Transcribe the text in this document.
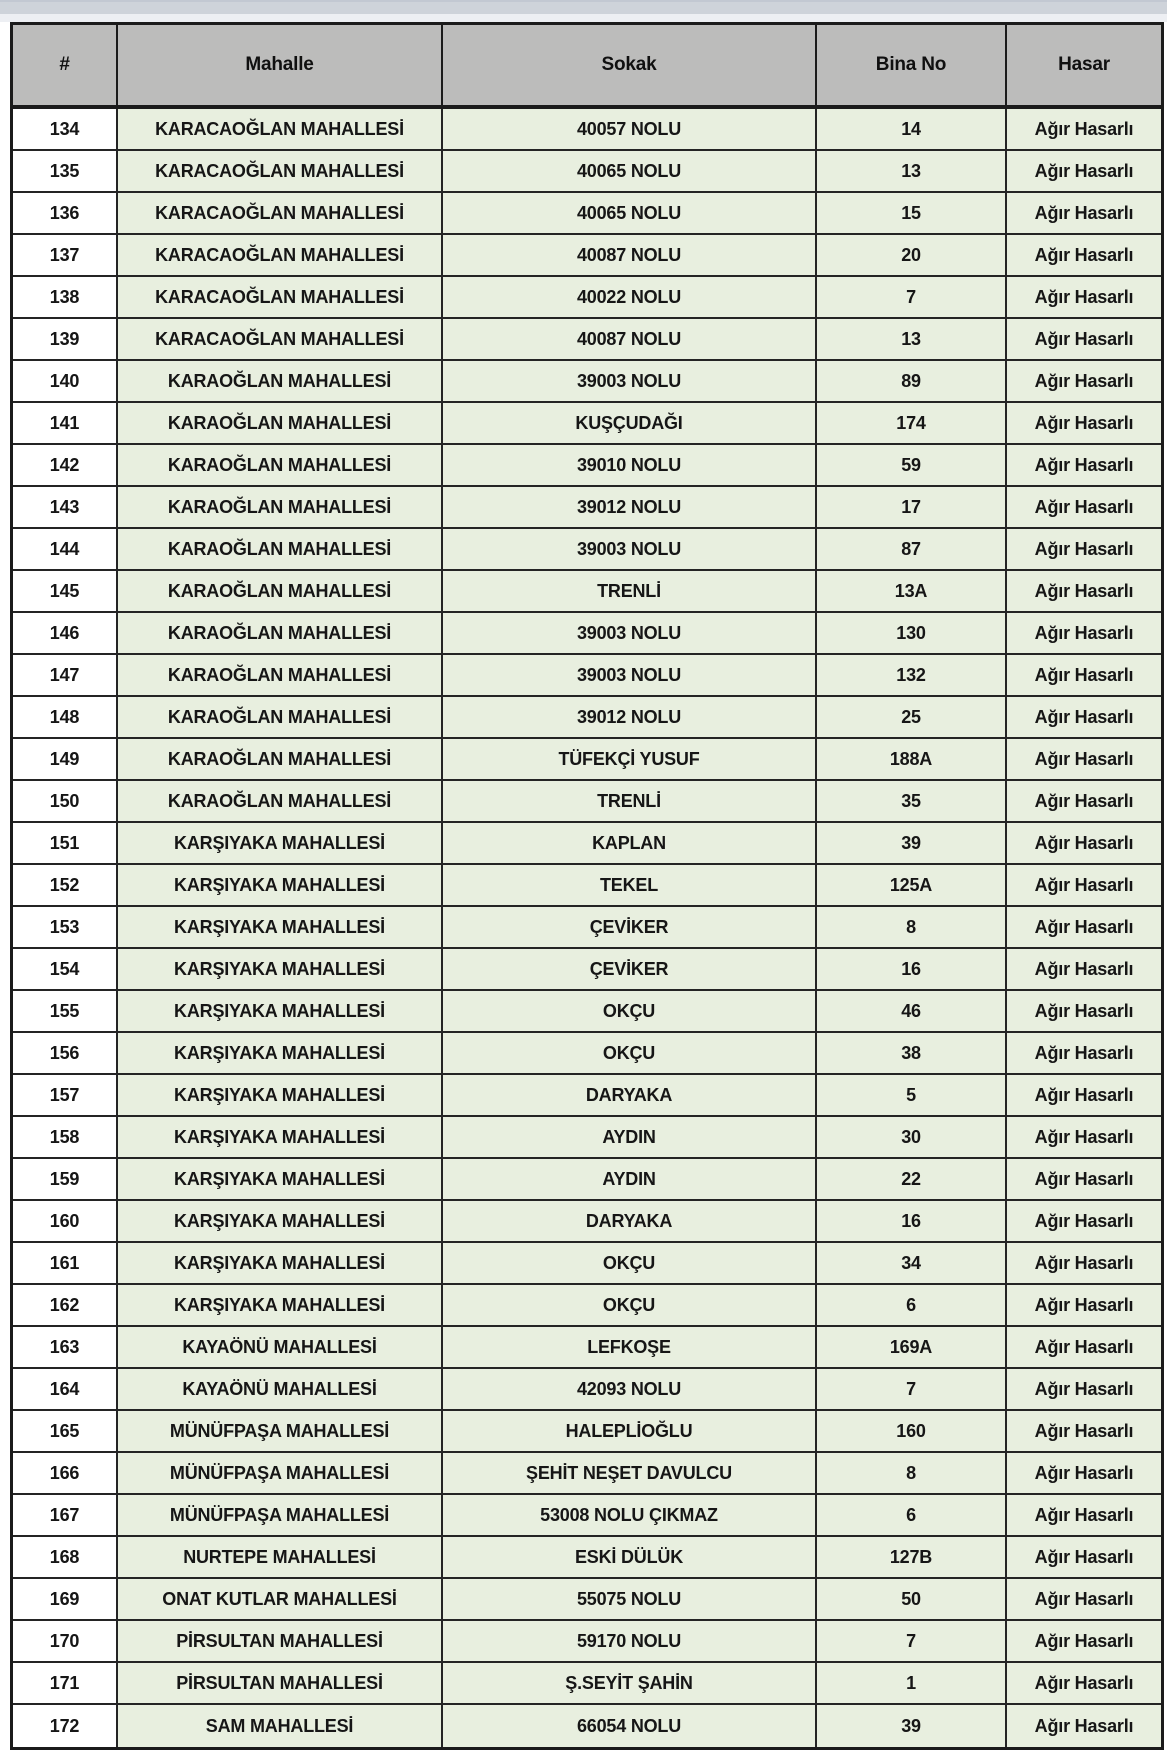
#	Mahalle	Sokak	Bina No	Hasar
134	KARACAOĞLAN MAHALLESİ	40057 NOLU	14	Ağır Hasarlı
135	KARACAOĞLAN MAHALLESİ	40065 NOLU	13	Ağır Hasarlı
136	KARACAOĞLAN MAHALLESİ	40065 NOLU	15	Ağır Hasarlı
137	KARACAOĞLAN MAHALLESİ	40087 NOLU	20	Ağır Hasarlı
138	KARACAOĞLAN MAHALLESİ	40022 NOLU	7	Ağır Hasarlı
139	KARACAOĞLAN MAHALLESİ	40087 NOLU	13	Ağır Hasarlı
140	KARAOĞLAN MAHALLESİ	39003 NOLU	89	Ağır Hasarlı
141	KARAOĞLAN MAHALLESİ	KUŞÇUDAĞI	174	Ağır Hasarlı
142	KARAOĞLAN MAHALLESİ	39010 NOLU	59	Ağır Hasarlı
143	KARAOĞLAN MAHALLESİ	39012 NOLU	17	Ağır Hasarlı
144	KARAOĞLAN MAHALLESİ	39003 NOLU	87	Ağır Hasarlı
145	KARAOĞLAN MAHALLESİ	TRENLİ	13A	Ağır Hasarlı
146	KARAOĞLAN MAHALLESİ	39003 NOLU	130	Ağır Hasarlı
147	KARAOĞLAN MAHALLESİ	39003 NOLU	132	Ağır Hasarlı
148	KARAOĞLAN MAHALLESİ	39012 NOLU	25	Ağır Hasarlı
149	KARAOĞLAN MAHALLESİ	TÜFEKÇİ YUSUF	188A	Ağır Hasarlı
150	KARAOĞLAN MAHALLESİ	TRENLİ	35	Ağır Hasarlı
151	KARŞIYAKA MAHALLESİ	KAPLAN	39	Ağır Hasarlı
152	KARŞIYAKA MAHALLESİ	TEKEL	125A	Ağır Hasarlı
153	KARŞIYAKA MAHALLESİ	ÇEVİKER	8	Ağır Hasarlı
154	KARŞIYAKA MAHALLESİ	ÇEVİKER	16	Ağır Hasarlı
155	KARŞIYAKA MAHALLESİ	OKÇU	46	Ağır Hasarlı
156	KARŞIYAKA MAHALLESİ	OKÇU	38	Ağır Hasarlı
157	KARŞIYAKA MAHALLESİ	DARYAKA	5	Ağır Hasarlı
158	KARŞIYAKA MAHALLESİ	AYDIN	30	Ağır Hasarlı
159	KARŞIYAKA MAHALLESİ	AYDIN	22	Ağır Hasarlı
160	KARŞIYAKA MAHALLESİ	DARYAKA	16	Ağır Hasarlı
161	KARŞIYAKA MAHALLESİ	OKÇU	34	Ağır Hasarlı
162	KARŞIYAKA MAHALLESİ	OKÇU	6	Ağır Hasarlı
163	KAYAÖNÜ MAHALLESİ	LEFKOŞE	169A	Ağır Hasarlı
164	KAYAÖNÜ MAHALLESİ	42093 NOLU	7	Ağır Hasarlı
165	MÜNÜFPAŞA MAHALLESİ	HALEPLİOĞLU	160	Ağır Hasarlı
166	MÜNÜFPAŞA MAHALLESİ	ŞEHİT NEŞET DAVULCU	8	Ağır Hasarlı
167	MÜNÜFPAŞA MAHALLESİ	53008 NOLU ÇIKMAZ	6	Ağır Hasarlı
168	NURTEPE MAHALLESİ	ESKİ DÜLÜK	127B	Ağır Hasarlı
169	ONAT KUTLAR MAHALLESİ	55075 NOLU	50	Ağır Hasarlı
170	PİRSULTAN MAHALLESİ	59170 NOLU	7	Ağır Hasarlı
171	PİRSULTAN MAHALLESİ	Ş.SEYİT ŞAHİN	1	Ağır Hasarlı
172	SAM MAHALLESİ	66054 NOLU	39	Ağır Hasarlı
